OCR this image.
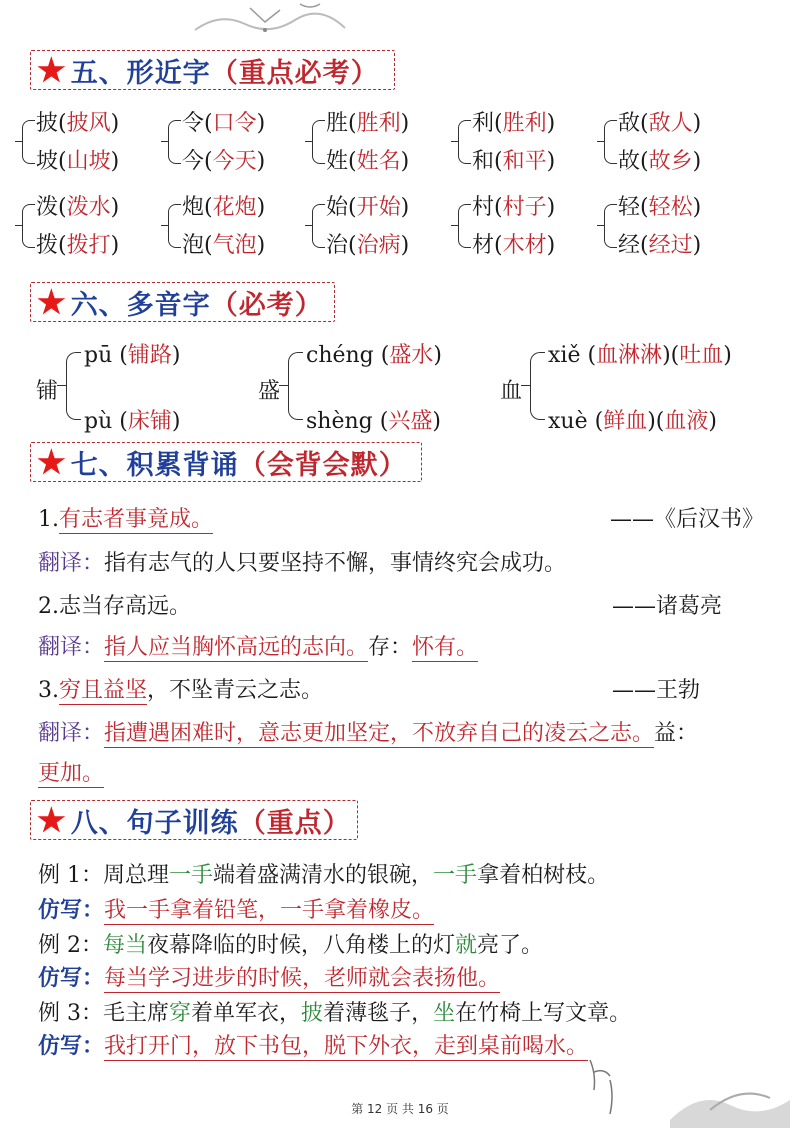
★ 五、形近字 （ 重点必考 ）
披(披风)
坡(山坡)
令(口令)
今(今天)
胜(胜利)
姓(姓名)
利(胜利)
和(和平)
敌(敌人)
故(故乡)
泼(泼水)
拨(拨打)
炮(花炮)
泡(气泡)
始(开始)
治(治病)
村(村子)
材(木材)
轻(轻松)
经(经过)
★ 六、多音字 （ 必考 ）
铺
pū (铺路)
pù (床铺)
盛
chéng (盛水)
shèng (兴盛)
血
xiě (血淋淋)(吐血)
xuè (鲜血)(血液)
★ 七、积累背诵 （ 会背会默 ）
1.有志者事竟成。	——《后汉书》
翻译：指有志气的人只要坚持不懈，事情终究会成功。
2.志当存高远。	——诸葛亮
翻译：指人应当胸怀高远的志向。存：怀有。
3.穷且益坚，不坠青云之志。	——王勃
翻译：指遭遇困难时，意志更加坚定，不放弃自己的凌云之志。益：
更加。
★ 八、句子训练 （ 重点 ）
例 1：周总理一手端着盛满清水的银碗，一手拿着柏树枝。
仿写：我一手拿着铅笔，一手拿着橡皮。
例 2：每当夜幕降临的时候，八角楼上的灯就亮了。
仿写：每当学习进步的时候，老师就会表扬他。
例 3：毛主席穿着单军衣，披着薄毯子，坐在竹椅上写文章。
仿写：我打开门，放下书包，脱下外衣，走到桌前喝水。
第 12 页 共 16 页
